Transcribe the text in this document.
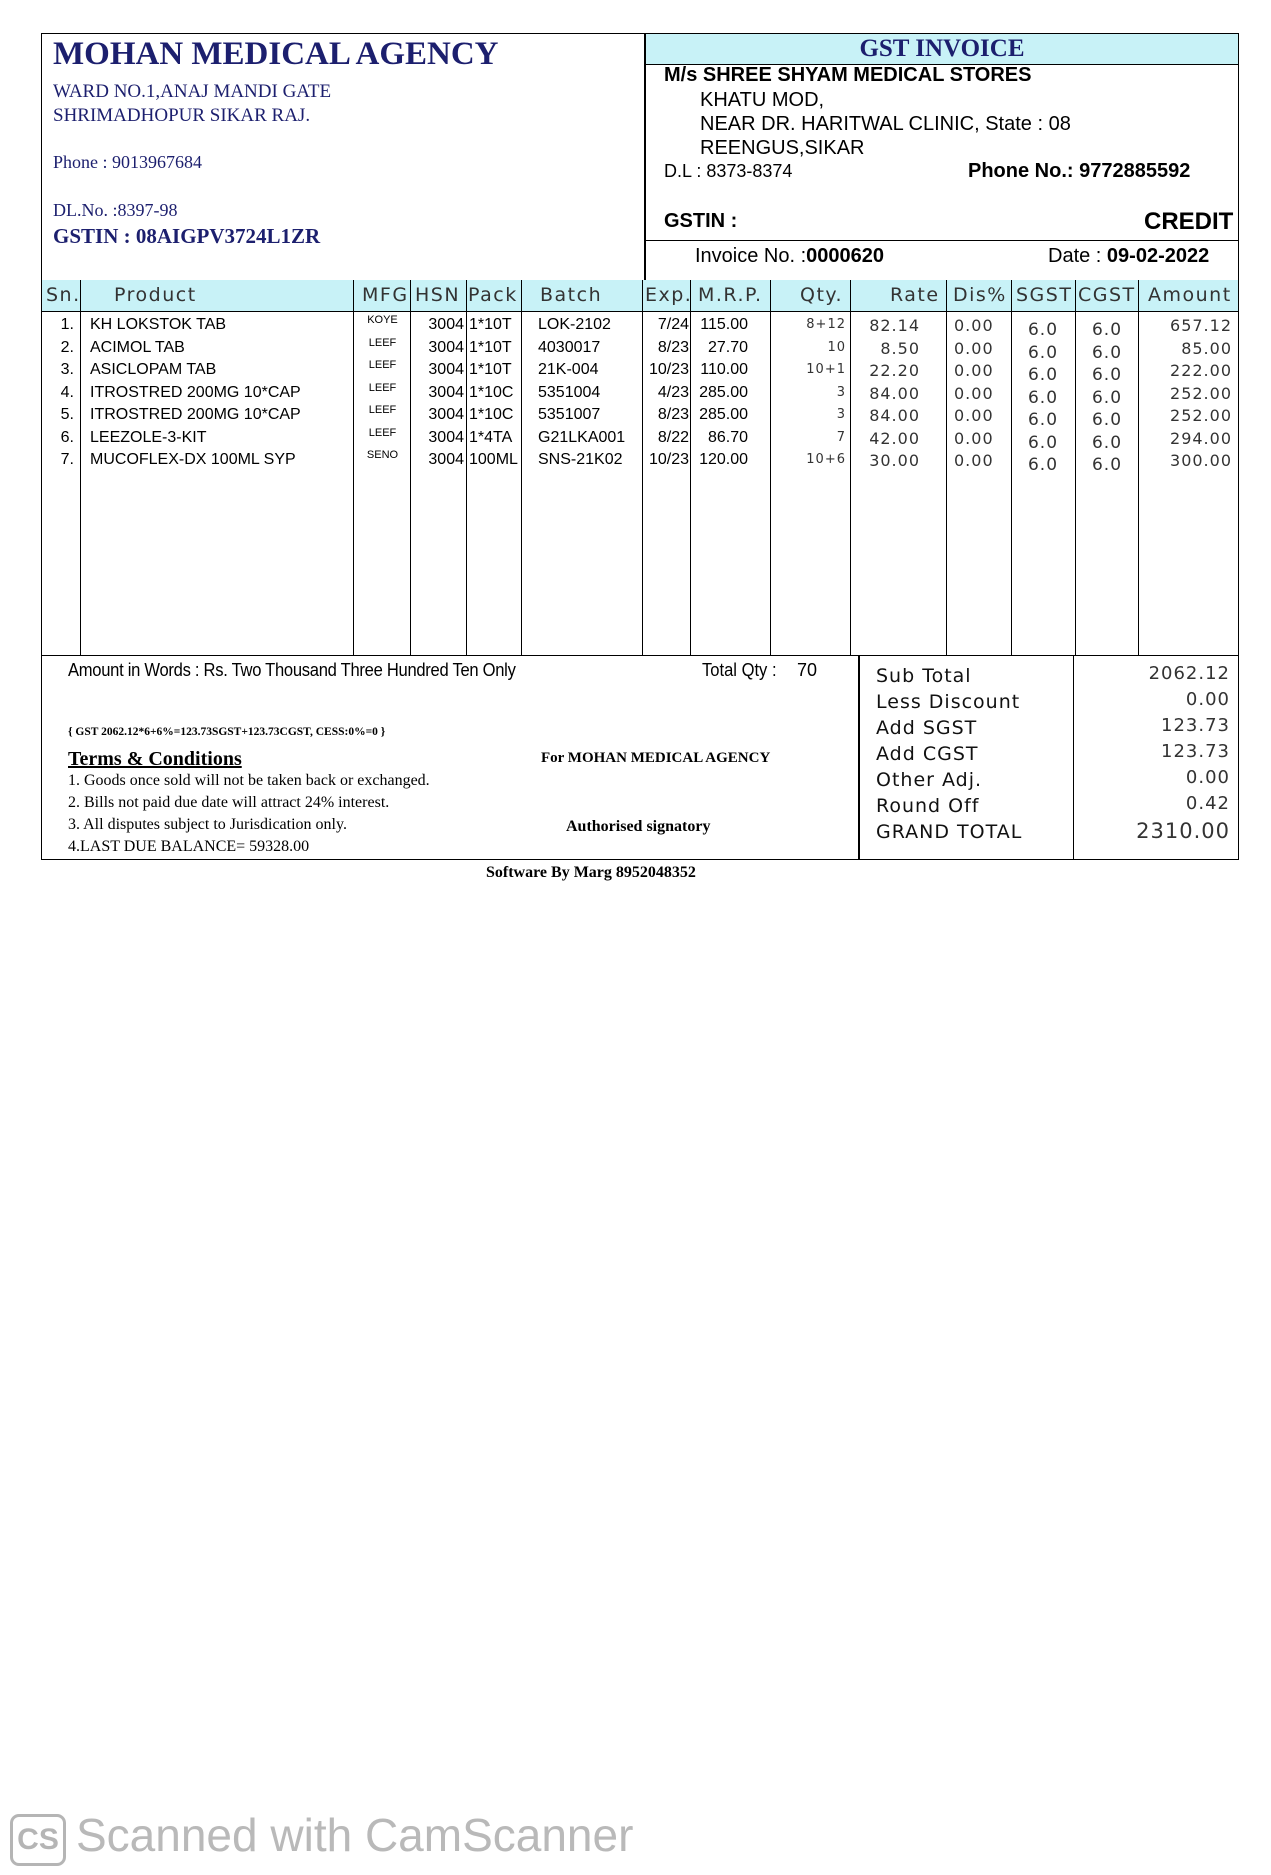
MOHAN MEDICAL AGENCY
WARD NO.1,ANAJ MANDI GATE
SHRIMADHOPUR SIKAR RAJ.
Phone : 9013967684
DL.No. :8397-98
GSTIN : 08AIGPV3724L1ZR
GST INVOICE
M/s SHREE SHYAM MEDICAL STORES
KHATU MOD,
NEAR DR. HARITWAL CLINIC, State : 08
REENGUS,SIKAR
D.L : 8373-8374	Phone No.: 9772885592
GSTIN :	CREDIT
Invoice No. :0000620	Date : 09-02-2022
Sn. Product	MFG HSN Pack Batch Exp. M.R.P. Qty. Rate Dis% SGST CGST Amount
1. KH LOKSTOK TAB	KOYE	3004 1*10T	LOK-2102	7/24 115.00	8+12	82.14	0.00	6.0	6.0	657.12
2. ACIMOL TAB	LEEF	3004 1*10T	4030017	8/23	27.70	10	8.50	0.00	6.0	6.0	85.00
3. ASICLOPAM TAB	LEEF	3004 1*10T	21K-004	10/23 110.00	10+1	22.20	0.00	6.0	6.0	222.00
4. ITROSTRED 200MG 10*CAP	LEEF	3004 1*10C	5351004	4/23 285.00	3	84.00	0.00	6.0	6.0	252.00
5. ITROSTRED 200MG 10*CAP	LEEF	3004 1*10C	5351007	8/23 285.00	3	84.00	0.00	6.0	6.0	252.00
6. LEEZOLE-3-KIT	LEEF	3004 1*4TA	G21LKA001	8/22	86.70	7	42.00	0.00	6.0	6.0	294.00
7. MUCOFLEX-DX 100ML SYP	SENO	3004 100ML SNS-21K02	10/23 120.00	10+6	30.00	0.00	6.0	6.0	300.00
Amount in Words : Rs. Two Thousand Three Hundred Ten Only	Total Qty : 70
{ GST 2062.12*6+6%=123.73SGST+123.73CGST, CESS:0%=0 }
Terms & Conditions
1. Goods once sold will not be taken back or exchanged.
2. Bills not paid due date will attract 24% interest.
3. All disputes subject to Jurisdication only.
4.LAST DUE BALANCE= 59328.00
For MOHAN MEDICAL AGENCY
Authorised signatory
Sub Total	2062.12
Less Discount	0.00
Add SGST	123.73
Add CGST	123.73
Other Adj.	0.00
Round Off	0.42
GRAND TOTAL	2310.00
Software By Marg 8952048352
CS Scanned with CamScanner
